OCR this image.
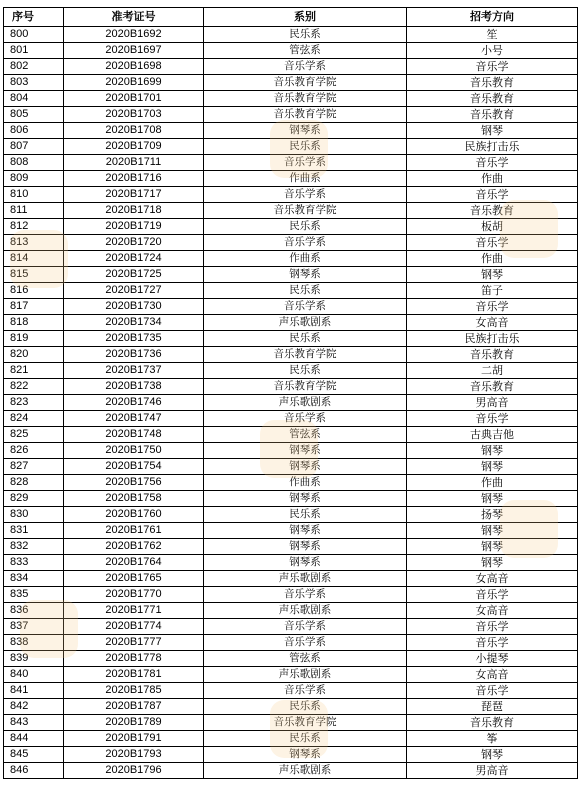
序号	准考证号	系别	招考方向
800	2020B1692	民乐系	笙
801	2020B1697	管弦系	小号
802	2020B1698	音乐学系	音乐学
803	2020B1699	音乐教育学院	音乐教育
804	2020B1701	音乐教育学院	音乐教育
805	2020B1703	音乐教育学院	音乐教育
806	2020B1708	钢琴系	钢琴
807	2020B1709	民乐系	民族打击乐
808	2020B1711	音乐学系	音乐学
809	2020B1716	作曲系	作曲
810	2020B1717	音乐学系	音乐学
811	2020B1718	音乐教育学院	音乐教育
812	2020B1719	民乐系	板胡
813	2020B1720	音乐学系	音乐学
814	2020B1724	作曲系	作曲
815	2020B1725	钢琴系	钢琴
816	2020B1727	民乐系	笛子
817	2020B1730	音乐学系	音乐学
818	2020B1734	声乐歌剧系	女高音
819	2020B1735	民乐系	民族打击乐
820	2020B1736	音乐教育学院	音乐教育
821	2020B1737	民乐系	二胡
822	2020B1738	音乐教育学院	音乐教育
823	2020B1746	声乐歌剧系	男高音
824	2020B1747	音乐学系	音乐学
825	2020B1748	管弦系	古典吉他
826	2020B1750	钢琴系	钢琴
827	2020B1754	钢琴系	钢琴
828	2020B1756	作曲系	作曲
829	2020B1758	钢琴系	钢琴
830	2020B1760	民乐系	扬琴
831	2020B1761	钢琴系	钢琴
832	2020B1762	钢琴系	钢琴
833	2020B1764	钢琴系	钢琴
834	2020B1765	声乐歌剧系	女高音
835	2020B1770	音乐学系	音乐学
836	2020B1771	声乐歌剧系	女高音
837	2020B1774	音乐学系	音乐学
838	2020B1777	音乐学系	音乐学
839	2020B1778	管弦系	小提琴
840	2020B1781	声乐歌剧系	女高音
841	2020B1785	音乐学系	音乐学
842	2020B1787	民乐系	琵琶
843	2020B1789	音乐教育学院	音乐教育
844	2020B1791	民乐系	筝
845	2020B1793	钢琴系	钢琴
846	2020B1796	声乐歌剧系	男高音
